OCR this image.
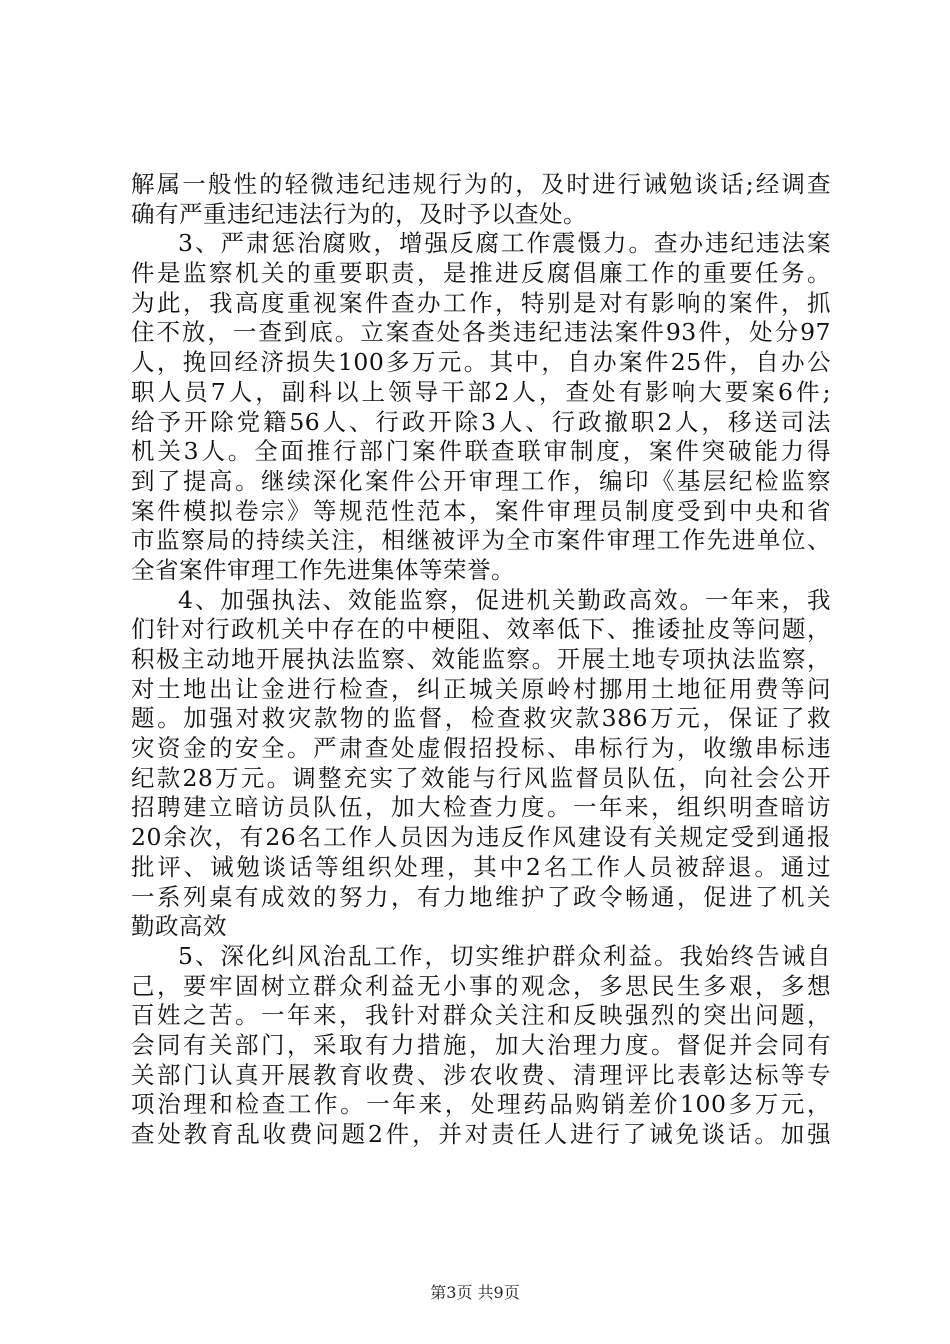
解属一般性的轻微违纪违规行为的，及时进行诫勉谈话;经调查
确有严重违纪违法行为的，及时予以查处。
3、严肃惩治腐败，增强反腐工作震慑力。查办违纪违法案
件是监察机关的重要职责，是推进反腐倡廉工作的重要任务。
为此，我高度重视案件查办工作，特别是对有影响的案件，抓
住不放，一查到底。立案查处各类违纪违法案件93件，处分97
人，挽回经济损失100多万元。其中，自办案件25件，自办公
职人员7人，副科以上领导干部2人，查处有影响大要案6件;
给予开除党籍56人、行政开除3人、行政撤职2人，移送司法
机关3人。全面推行部门案件联查联审制度，案件突破能力得
到了提高。继续深化案件公开审理工作，编印《基层纪检监察
案件模拟卷宗》等规范性范本，案件审理员制度受到中央和省
市监察局的持续关注，相继被评为全市案件审理工作先进单位、
全省案件审理工作先进集体等荣誉。
4、加强执法、效能监察，促进机关勤政高效。一年来，我
们针对行政机关中存在的中梗阻、效率低下、推诿扯皮等问题，
积极主动地开展执法监察、效能监察。开展土地专项执法监察，
对土地出让金进行检查，纠正城关原岭村挪用土地征用费等问
题。加强对救灾款物的监督，检查救灾款386万元，保证了救
灾资金的安全。严肃查处虚假招投标、串标行为，收缴串标违
纪款28万元。调整充实了效能与行风监督员队伍，向社会公开
招聘建立暗访员队伍，加大检查力度。一年来，组织明查暗访
20余次，有26名工作人员因为违反作风建设有关规定受到通报
批评、诫勉谈话等组织处理，其中2名工作人员被辞退。通过
一系列桌有成效的努力，有力地维护了政令畅通，促进了机关
勤政高效
5、深化纠风治乱工作，切实维护群众利益。我始终告诫自
己，要牢固树立群众利益无小事的观念，多思民生多艰，多想
百姓之苦。一年来，我针对群众关注和反映强烈的突出问题，
会同有关部门，采取有力措施，加大治理力度。督促并会同有
关部门认真开展教育收费、涉农收费、清理评比表彰达标等专
项治理和检查工作。一年来，处理药品购销差价100多万元，
查处教育乱收费问题2件，并对责任人进行了诫免谈话。加强
第3页 共9页
